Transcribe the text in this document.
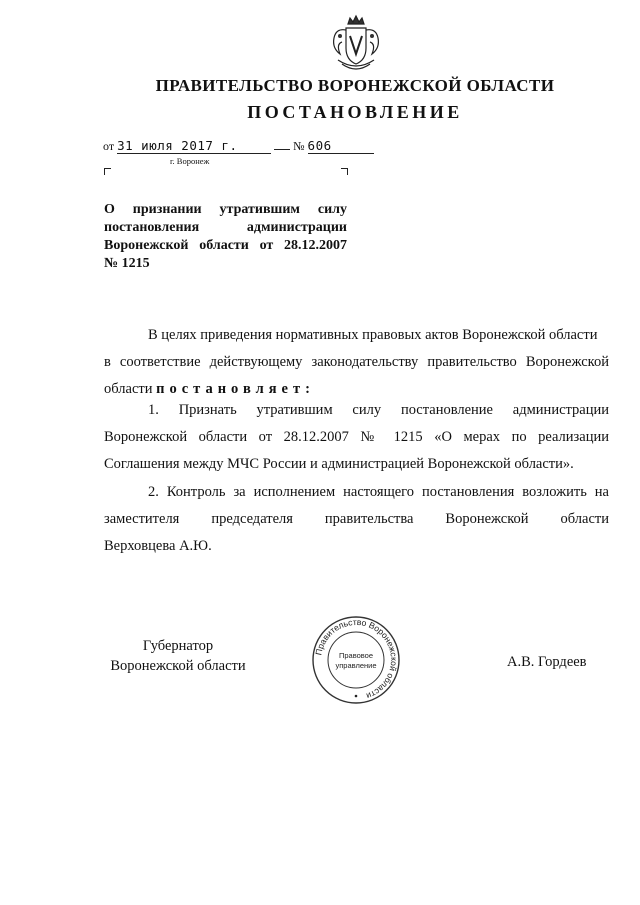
ПРАВИТЕЛЬСТВО ВОРОНЕЖСКОЙ ОБЛАСТИ
ПОСТАНОВЛЕНИЕ
от 31 июля 2017 г.	№ 606
г. Воронеж
О признании утратившим силу
постановления администрации
Воронежской области от 28.12.2007
№ 1215
В целях приведения нормативных правовых актов Воронежской области
в соответствие действующему законодательству правительство Воронежской
области постановляет:
1. Признать утратившим силу постановление администрации
Воронежской области от 28.12.2007 № 1215 «О мерах по реализации
Соглашения между МЧС России и администрацией Воронежской области».
2. Контроль за исполнением настоящего постановления возложить на
заместителя председателя правительства Воронежской области
Верховцева А.Ю.
Губернатор
Воронежской области
Правительство Воронежской области
Правовое
управление	А.В. Гордеев
